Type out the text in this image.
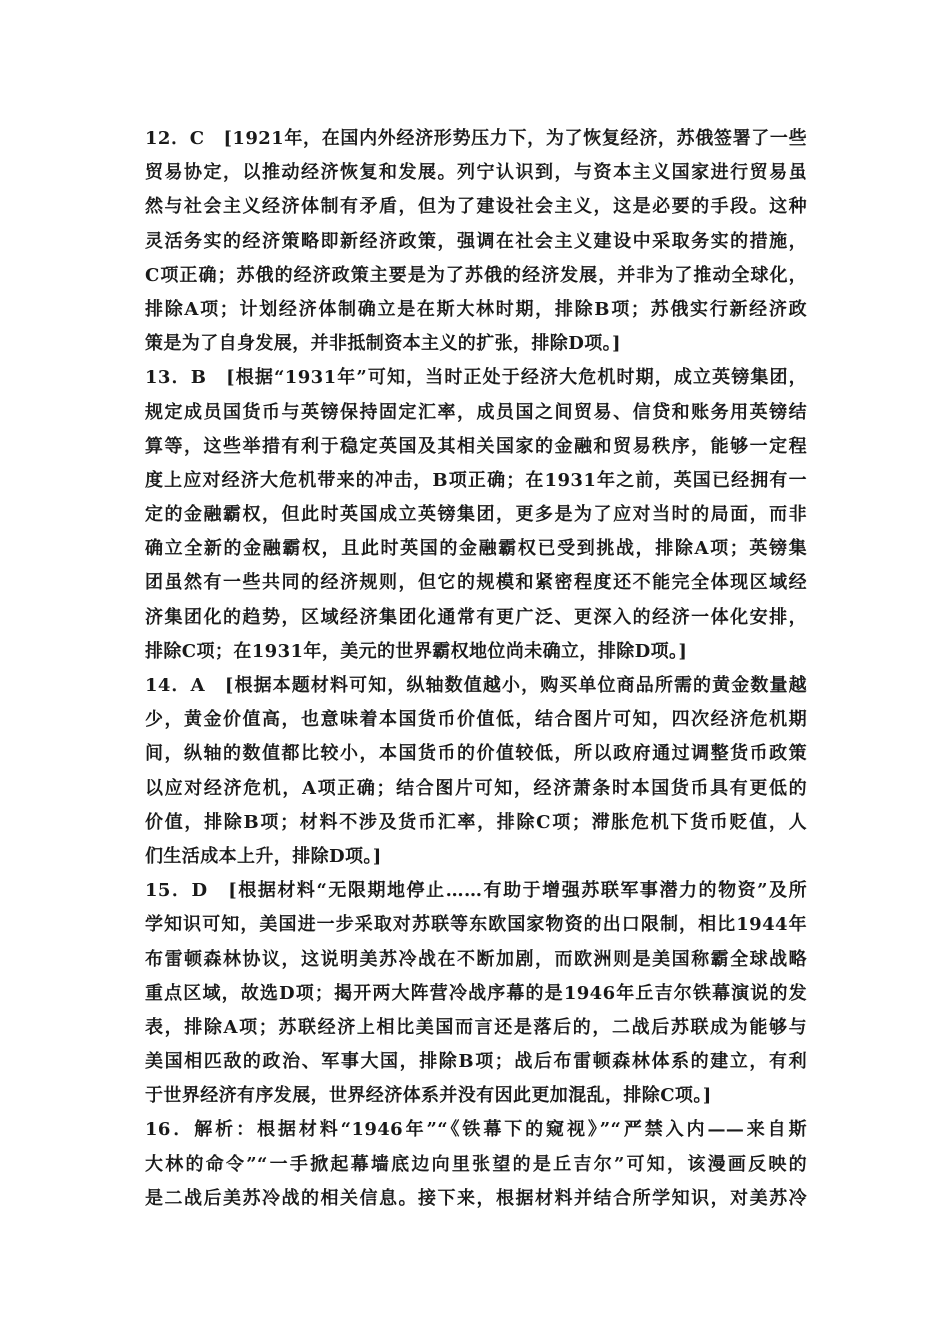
12．C　[1921年，在国内外经济形势压力下，为了恢复经济，苏俄签署了一些
贸易协定，以推动经济恢复和发展。列宁认识到，与资本主义国家进行贸易虽
然与社会主义经济体制有矛盾，但为了建设社会主义，这是必要的手段。这种
灵活务实的经济策略即新经济政策，强调在社会主义建设中采取务实的措施，
C项正确；苏俄的经济政策主要是为了苏俄的经济发展，并非为了推动全球化，
排除A项；计划经济体制确立是在斯大林时期，排除B项；苏俄实行新经济政
策是为了自身发展，并非抵制资本主义的扩张，排除D项。]
13．B　[根据“1931年”可知，当时正处于经济大危机时期，成立英镑集团，
规定成员国货币与英镑保持固定汇率，成员国之间贸易、信贷和账务用英镑结
算等，这些举措有利于稳定英国及其相关国家的金融和贸易秩序，能够一定程
度上应对经济大危机带来的冲击，B项正确；在1931年之前，英国已经拥有一
定的金融霸权，但此时英国成立英镑集团，更多是为了应对当时的局面，而非
确立全新的金融霸权，且此时英国的金融霸权已受到挑战，排除A项；英镑集
团虽然有一些共同的经济规则，但它的规模和紧密程度还不能完全体现区域经
济集团化的趋势，区域经济集团化通常有更广泛、更深入的经济一体化安排，
排除C项；在1931年，美元的世界霸权地位尚未确立，排除D项。]
14．A　[根据本题材料可知，纵轴数值越小，购买单位商品所需的黄金数量越
少，黄金价值高，也意味着本国货币价值低，结合图片可知，四次经济危机期
间，纵轴的数值都比较小，本国货币的价值较低，所以政府通过调整货币政策
以应对经济危机，A项正确；结合图片可知，经济萧条时本国货币具有更低的
价值，排除B项；材料不涉及货币汇率，排除C项；滞胀危机下货币贬值，人
们生活成本上升，排除D项。]
15．D　[根据材料“无限期地停止……有助于增强苏联军事潜力的物资”及所
学知识可知，美国进一步采取对苏联等东欧国家物资的出口限制，相比1944年
布雷顿森林协议，这说明美苏冷战在不断加剧，而欧洲则是美国称霸全球战略
重点区域，故选D项；揭开两大阵营冷战序幕的是1946年丘吉尔铁幕演说的发
表，排除A项；苏联经济上相比美国而言还是落后的，二战后苏联成为能够与
美国相匹敌的政治、军事大国，排除B项；战后布雷顿森林体系的建立，有利
于世界经济有序发展，世界经济体系并没有因此更加混乱，排除C项。]
16．解析：根据材料“1946年”“《铁幕下的窥视》”“严禁入内——来自斯
大林的命令”“一手掀起幕墙底边向里张望的是丘吉尔”可知，该漫画反映的
是二战后美苏冷战的相关信息。接下来，根据材料并结合所学知识，对美苏冷
